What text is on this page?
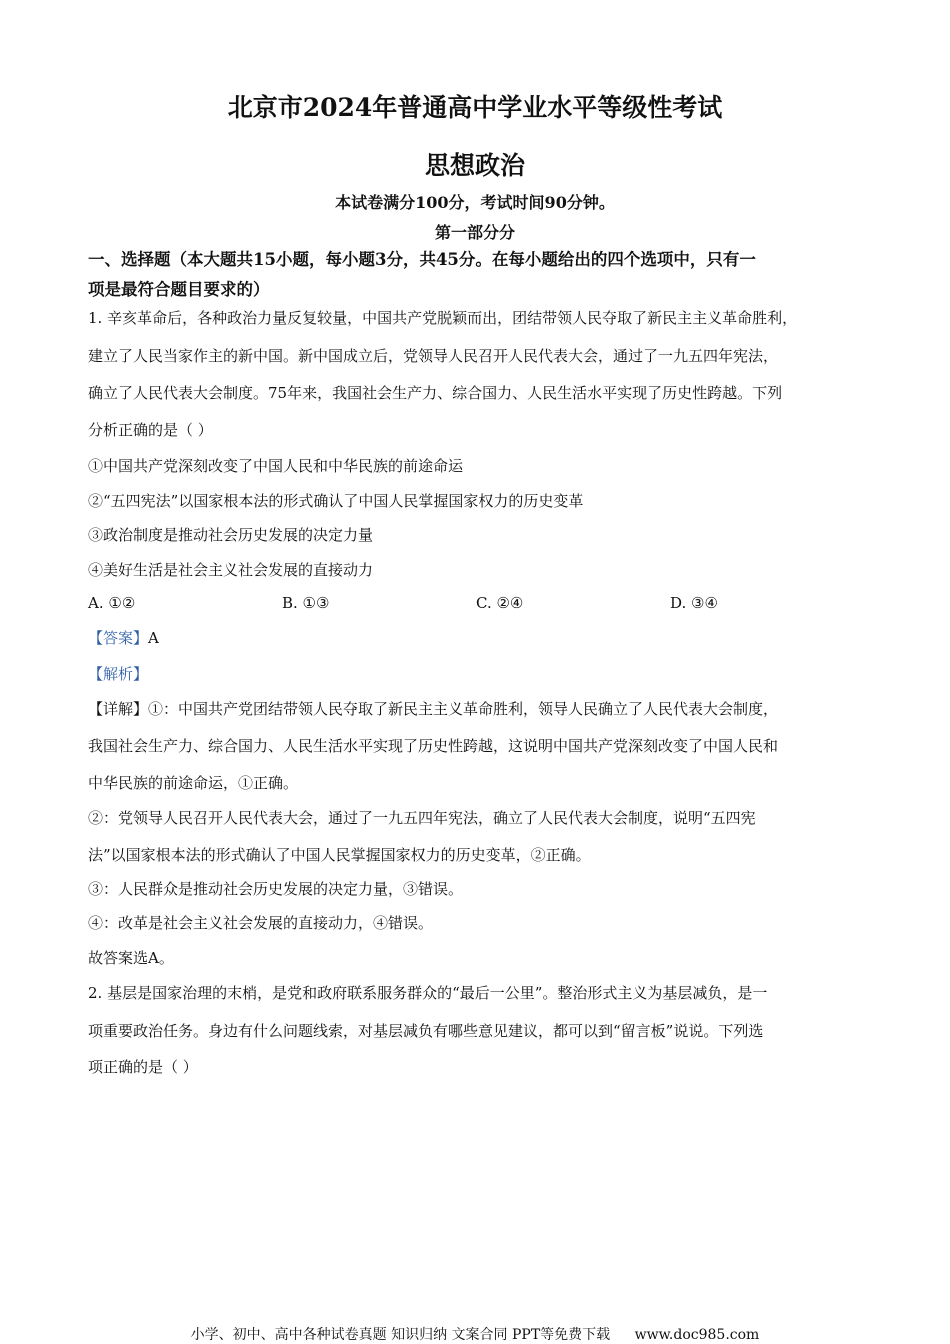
北京市2024年普通高中学业水平等级性考试
思想政治
本试卷满分100分，考试时间90分钟。
第一部分分
一、选择题（本大题共15小题，每小题3分，共45分。在每小题给出的四个选项中，只有一
项是最符合题目要求的）
1. 辛亥革命后，各种政治力量反复较量，中国共产党脱颖而出，团结带领人民夺取了新民主主义革命胜利，
建立了人民当家作主的新中国。新中国成立后，党领导人民召开人民代表大会，通过了一九五四年宪法，
确立了人民代表大会制度。75年来，我国社会生产力、综合国力、人民生活水平实现了历史性跨越。下列
分析正确的是（ ）
①中国共产党深刻改变了中国人民和中华民族的前途命运
②“五四宪法”以国家根本法的形式确认了中国人民掌握国家权力的历史变革
③政治制度是推动社会历史发展的决定力量
④美好生活是社会主义社会发展的直接动力
A. ①②	B. ①③	C. ②④	D. ③④
【答案】A
【解析】
【详解】①：中国共产党团结带领人民夺取了新民主主义革命胜利，领导人民确立了人民代表大会制度，
我国社会生产力、综合国力、人民生活水平实现了历史性跨越，这说明中国共产党深刻改变了中国人民和
中华民族的前途命运，①正确。
②：党领导人民召开人民代表大会，通过了一九五四年宪法，确立了人民代表大会制度，说明“五四宪
法”以国家根本法的形式确认了中国人民掌握国家权力的历史变革，②正确。
③：人民群众是推动社会历史发展的决定力量，③错误。
④：改革是社会主义社会发展的直接动力，④错误。
故答案选A。
2. 基层是国家治理的末梢，是党和政府联系服务群众的“最后一公里”。整治形式主义为基层减负，是一
项重要政治任务。身边有什么问题线索，对基层减负有哪些意见建议，都可以到“留言板”说说。下列选
项正确的是（ ）
小学、初中、高中各种试卷真题 知识归纳 文案合同 PPT等免费下载 www.doc985.com
